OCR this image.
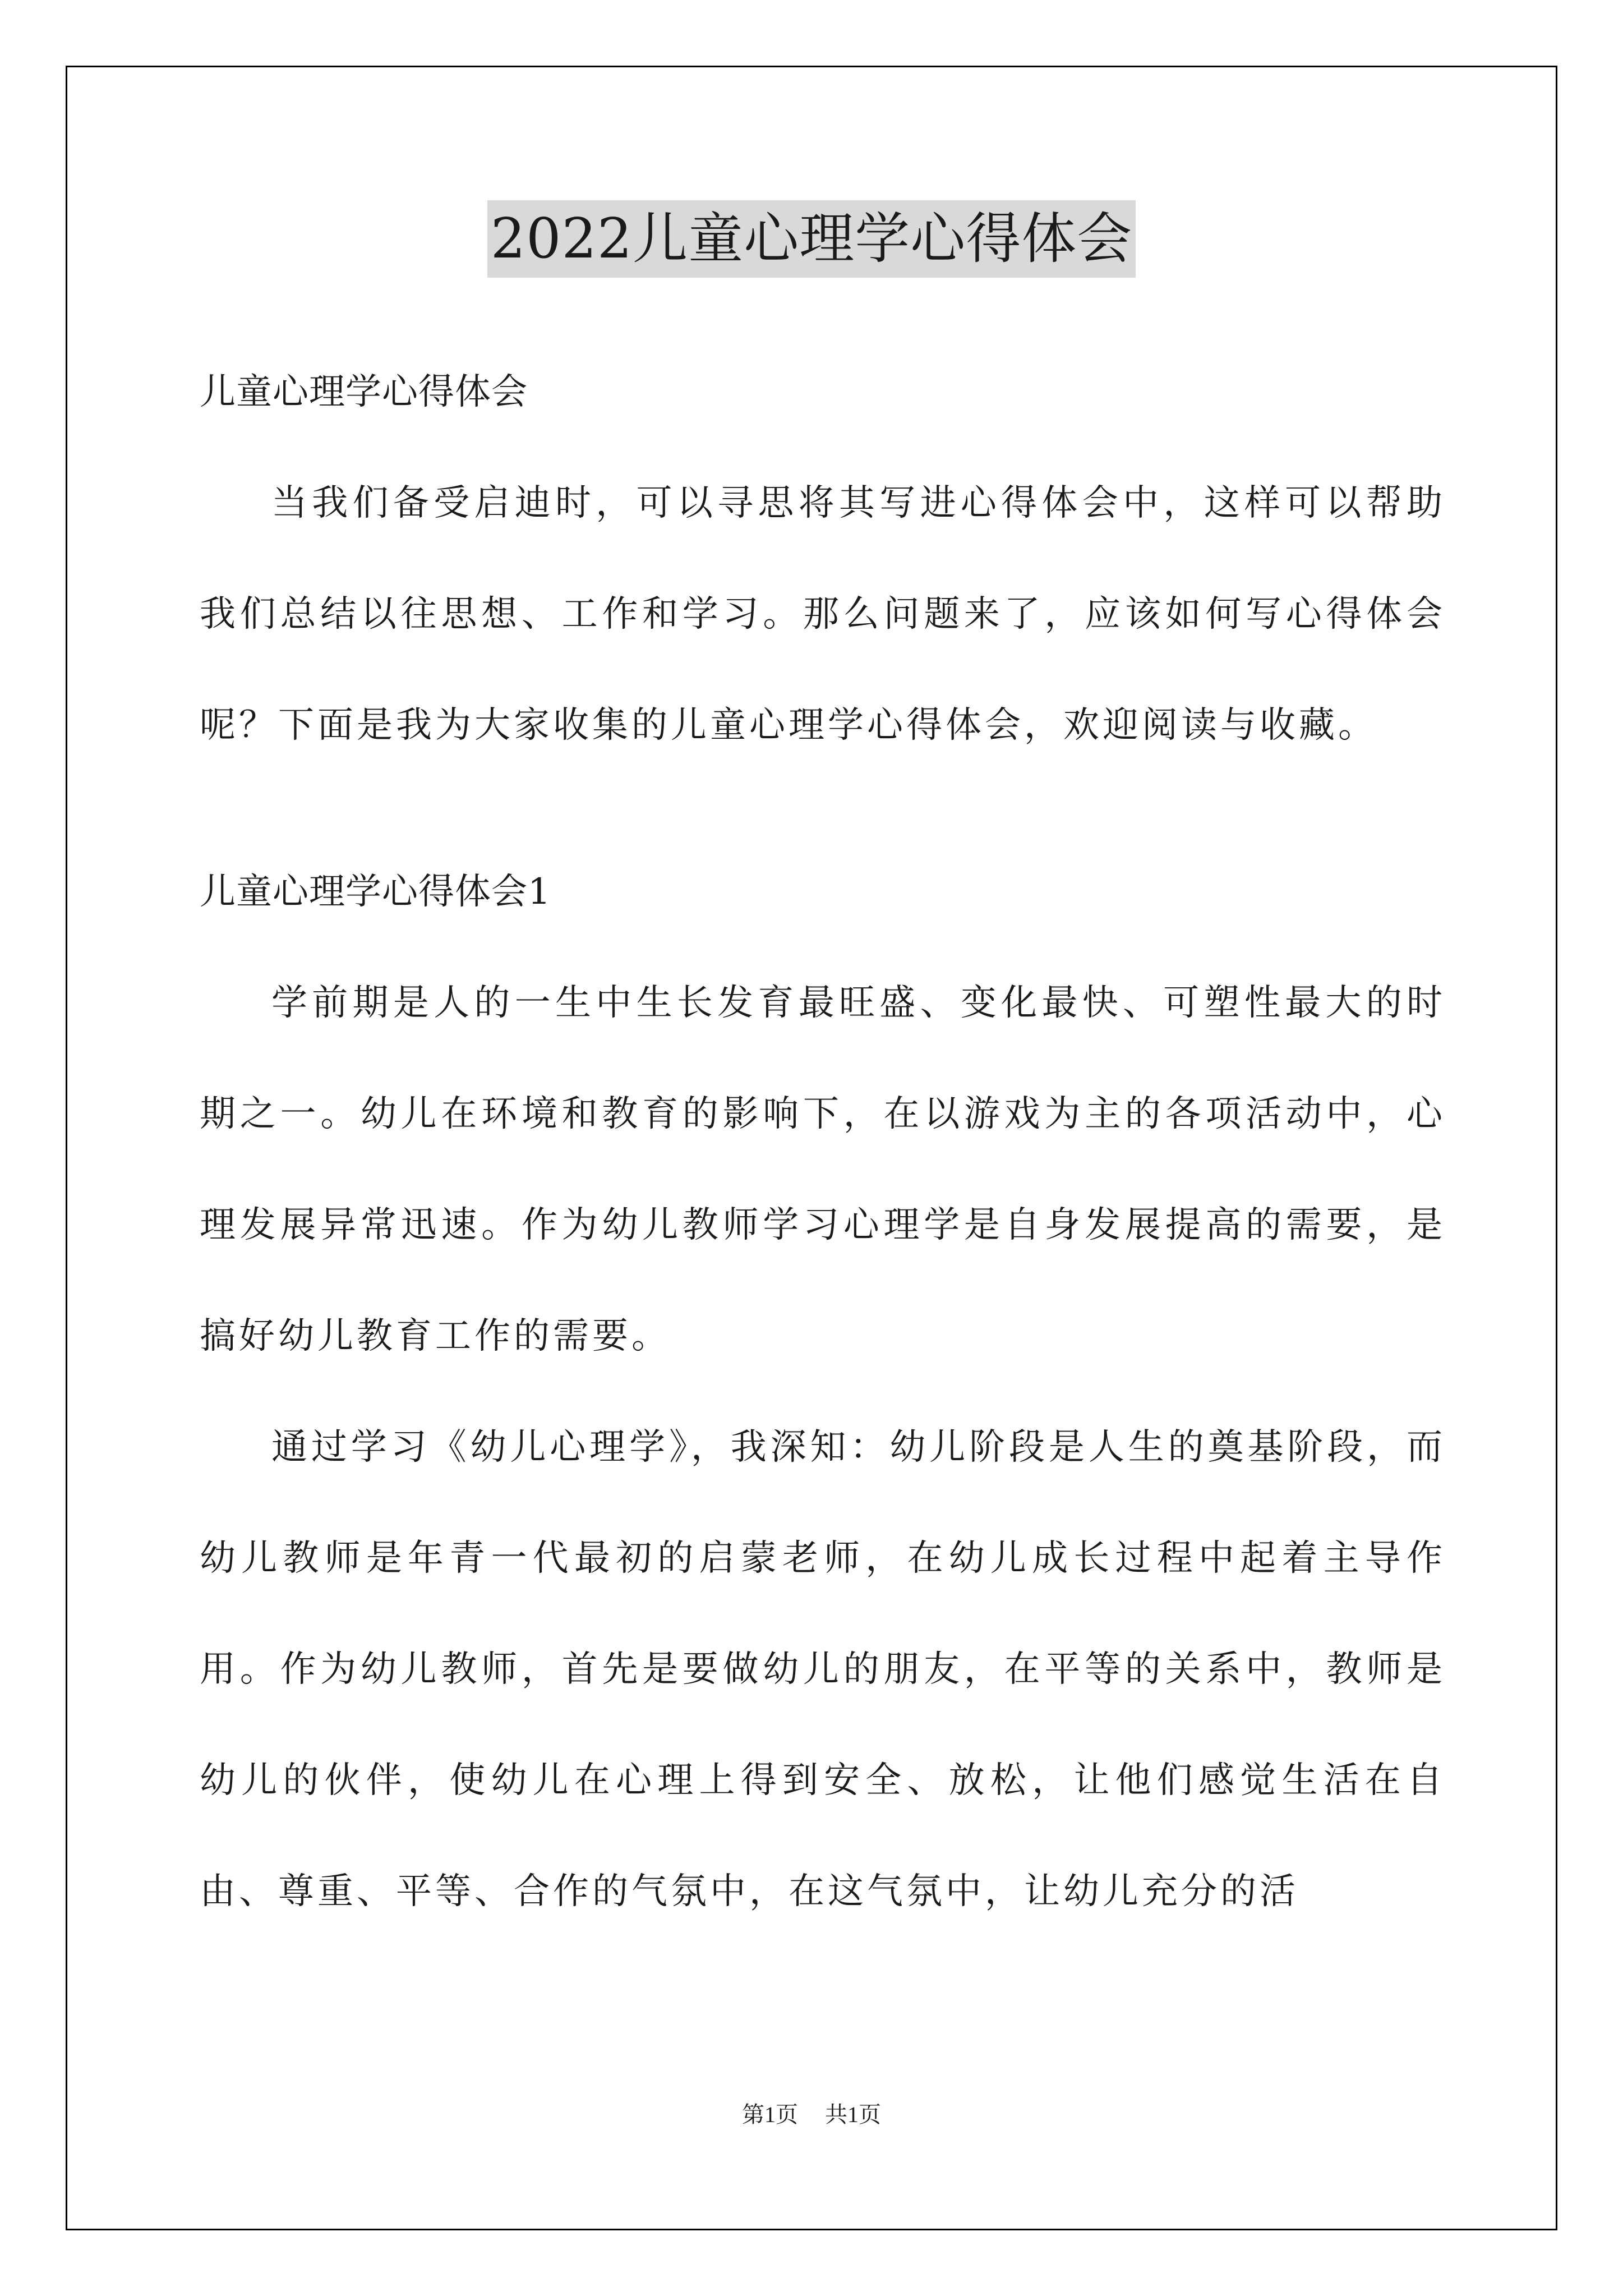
2022儿童心理学心得体会

儿童心理学心得体会

当我们备受启迪时，可以寻思将其写进心得体会中，这样可以帮助我们总结以往思想、工作和学习。那么问题来了，应该如何写心得体会呢？下面是我为大家收集的儿童心理学心得体会，欢迎阅读与收藏。

儿童心理学心得体会1

学前期是人的一生中生长发育最旺盛、变化最快、可塑性最大的时期之一。幼儿在环境和教育的影响下，在以游戏为主的各项活动中，心理发展异常迅速。作为幼儿教师学习心理学是自身发展提高的需要，是搞好幼儿教育工作的需要。

通过学习《幼儿心理学》，我深知：幼儿阶段是人生的奠基阶段，而幼儿教师是年青一代最初的启蒙老师，在幼儿成长过程中起着主导作用。作为幼儿教师，首先是要做幼儿的朋友，在平等的关系中，教师是幼儿的伙伴，使幼儿在心理上得到安全、放松，让他们感觉生活在自由、尊重、平等、合作的气氛中，在这气氛中，让幼儿充分的活

第1页 共1页
